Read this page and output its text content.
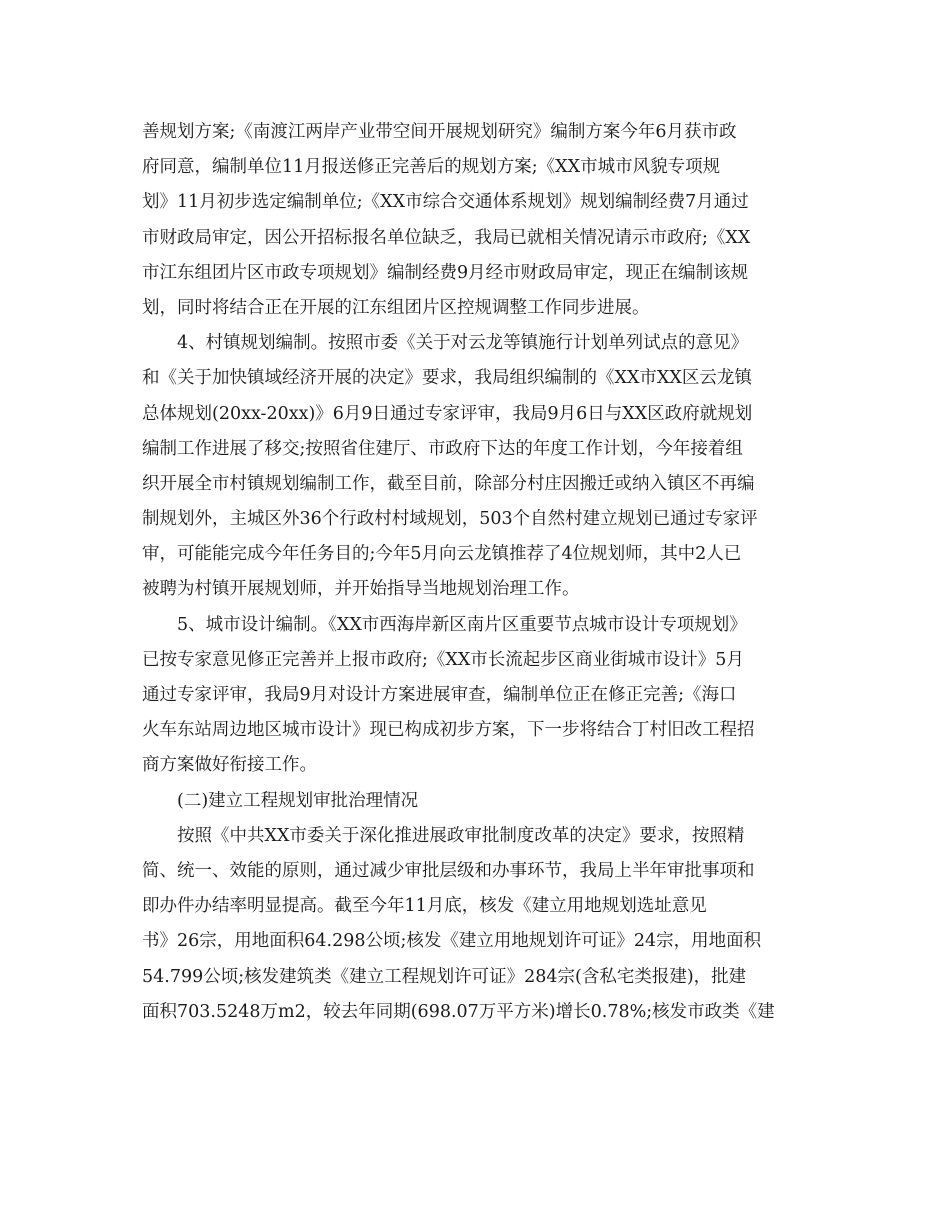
善规划方案;《南渡江两岸产业带空间开展规划研究》编制方案今年6月获市政
府同意，编制单位11月报送修正完善后的规划方案;《XX市城市风貌专项规
划》11月初步选定编制单位;《XX市综合交通体系规划》规划编制经费7月通过
市财政局审定，因公开招标报名单位缺乏，我局已就相关情况请示市政府;《XX
市江东组团片区市政专项规划》编制经费9月经市财政局审定，现正在编制该规
划，同时将结合正在开展的江东组团片区控规调整工作同步进展。
4、村镇规划编制。按照市委《关于对云龙等镇施行计划单列试点的意见》
和《关于加快镇域经济开展的决定》要求，我局组织编制的《XX市XX区云龙镇
总体规划(20xx-20xx)》6月9日通过专家评审，我局9月6日与XX区政府就规划
编制工作进展了移交;按照省住建厅、市政府下达的年度工作计划，今年接着组
织开展全市村镇规划编制工作，截至目前，除部分村庄因搬迁或纳入镇区不再编
制规划外，主城区外36个行政村村域规划，503个自然村建立规划已通过专家评
审，可能能完成今年任务目的;今年5月向云龙镇推荐了4位规划师，其中2人已
被聘为村镇开展规划师，并开始指导当地规划治理工作。
5、城市设计编制。《XX市西海岸新区南片区重要节点城市设计专项规划》
已按专家意见修正完善并上报市政府;《XX市长流起步区商业街城市设计》5月
通过专家评审，我局9月对设计方案进展审查，编制单位正在修正完善;《海口
火车东站周边地区城市设计》现已构成初步方案，下一步将结合丁村旧改工程招
商方案做好衔接工作。
(二)建立工程规划审批治理情况
按照《中共XX市委关于深化推进展政审批制度改革的决定》要求，按照精
简、统一、效能的原则，通过减少审批层级和办事环节，我局上半年审批事项和
即办件办结率明显提高。截至今年11月底，核发《建立用地规划选址意见
书》26宗，用地面积64.298公顷;核发《建立用地规划许可证》24宗，用地面积
54.799公顷;核发建筑类《建立工程规划许可证》284宗(含私宅类报建)，批建
面积703.5248万m2，较去年同期(698.07万平方米)增长0.78%;核发市政类《建
